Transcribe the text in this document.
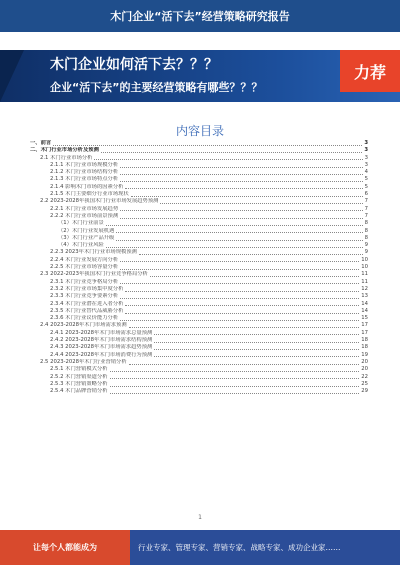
木门企业“活下去”经营策略研究报告
木门企业如何活下去？？？
企业“活下去”的主要经营策略有哪些？？？
力荐
内容目录
一、前言	3
二、木门行业市场分析及预测	3
2.1 木门行业市场分析	3
2.1.1 木门行业市场规模分析	3
2.1.2 木门行业市场结构分析	4
2.1.3 木门行业市场特点分析	5
2.1.4 影响木门市场的因素分析	5
2.1.5 木门主要细分行业市场现状	6
2.2 2023-2028年我国木门行业市场发展趋势预测	7
2.2.1 木门行业市场发展趋势	7
2.2.2 木门行业市场前景预测	7
（1）木门行业前景	8
（2）木门行业发展机遇	8
（3）木门行业产品升级	8
（4）木门行业风险	9
2.2.3 2023年木门行业市场规模预测	9
2.2.4 木门行业发展方向分析	10
2.2.5 木门行业市场容量分析	10
2.3 2022-2023年我国木门行业竞争格局分析	11
2.3.1 木门行业竞争格局分析	11
2.3.2 木门行业市场集中度分析	12
2.3.3 木门行业竞争要素分析	13
2.3.4 木门行业潜在进入者分析	14
2.3.5 木门行业替代品威胁分析	14
2.3.6 木门行业议价能力分析	15
2.4 2023-2028年木门市场需求预测	17
2.4.1 2023-2028年木门市场需求总量预测	17
2.4.2 2023-2028年木门市场需求结构预测	18
2.4.3 2023-2028年木门市场需求趋势预测	18
2.4.4 2023-2028年木门市场消费行为预测	19
2.5 2023-2028年木门行业营销分析	20
2.5.1 木门营销模式分析	20
2.5.2 木门营销渠道分析	22
2.5.3 木门营销策略分析	25
2.5.4 木门品牌营销分析	29
1
让每个人都能成为	行业专家、管理专家、营销专家、战略专家、成功企业家……
